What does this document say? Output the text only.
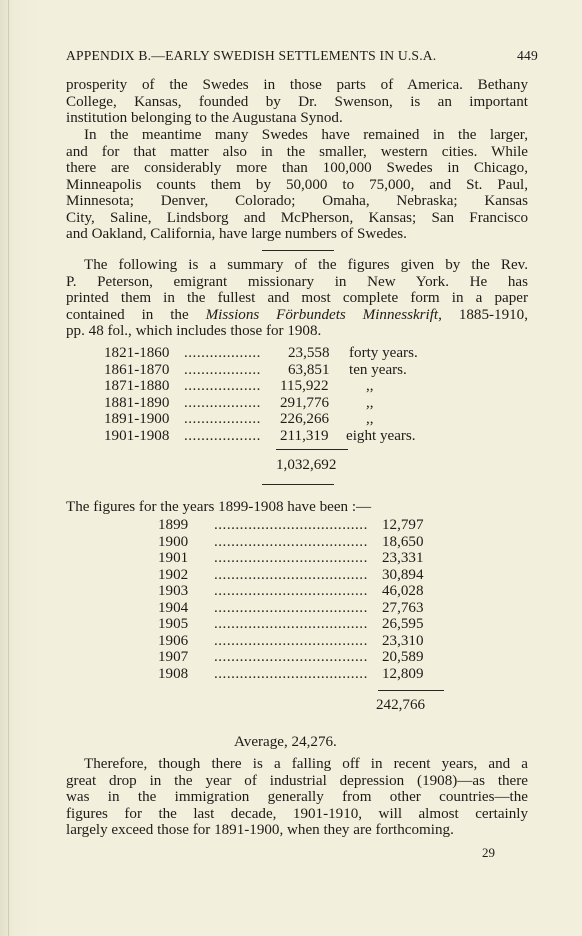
APPENDIX B.—EARLY SWEDISH SETTLEMENTS IN U.S.A.	449
prosperity of the Swedes in those parts of America. Bethany
College, Kansas, founded by Dr. Swenson, is an important
institution belonging to the Augustana Synod.
In the meantime many Swedes have remained in the larger,
and for that matter also in the smaller, western cities. While
there are considerably more than 100,000 Swedes in Chicago,
Minneapolis counts them by 50,000 to 75,000, and St. Paul,
Minnesota; Denver, Colorado; Omaha, Nebraska; Kansas
City, Saline, Lindsborg and McPherson, Kansas; San Francisco
and Oakland, California, have large numbers of Swedes.
The following is a summary of the figures given by the Rev.
P. Peterson, emigrant missionary in New York. He has
printed them in the fullest and most complete form in a paper
contained in the Missions Förbundets Minnesskrift, 1885-1910,
pp. 48 fol., which includes those for 1908.
1821-1860 .................. 23,558 forty years.
1861-1870 .................. 63,851 ten years.
1871-1880 .................. 115,922 ,,
1881-1890 .................. 291,776 ,,
1891-1900 .................. 226,266 ,,
1901-1908 .................. 211,319 eight years.
1,032,692
The figures for the years 1899-1908 have been :—
1899 .................................... 12,797
1900 .................................... 18,650
1901 .................................... 23,331
1902 .................................... 30,894
1903 .................................... 46,028
1904 .................................... 27,763
1905 .................................... 26,595
1906 .................................... 23,310
1907 .................................... 20,589
1908 .................................... 12,809
242,766
Average, 24,276.
Therefore, though there is a falling off in recent years, and a
great drop in the year of industrial depression (1908)—as there
was in the immigration generally from other countries—the
figures for the last decade, 1901-1910, will almost certainly
largely exceed those for 1891-1900, when they are forthcoming.
29
